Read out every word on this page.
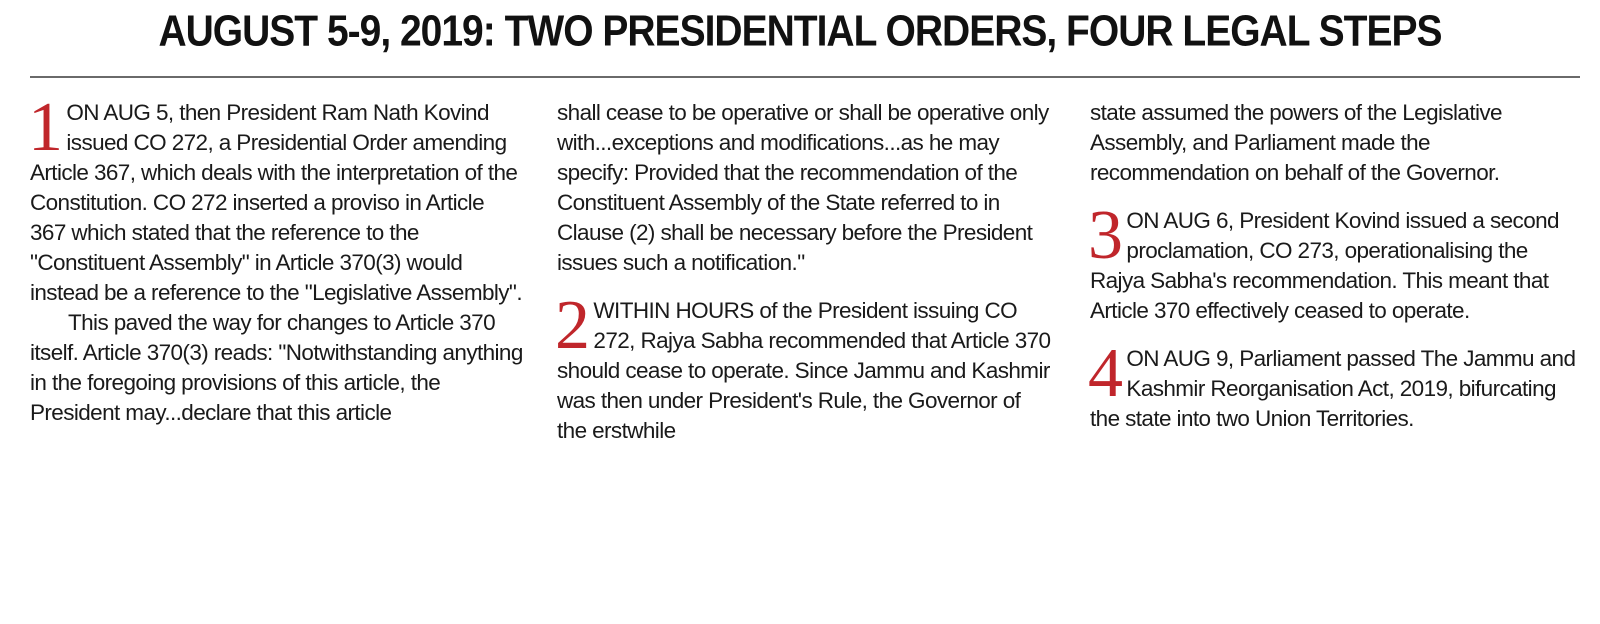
AUGUST 5-9, 2019: TWO PRESIDENTIAL ORDERS, FOUR LEGAL STEPS

1 ON AUG 5, then President Ram Nath Kovind issued CO 272, a Presidential Order amending Article 367, which deals with the interpretation of the Constitution. CO 272 inserted a proviso in Article 367 which stated that the reference to the "Constituent Assembly" in Article 370(3) would instead be a reference to the "Legislative Assembly".

This paved the way for changes to Article 370 itself. Article 370(3) reads: "Notwithstanding anything in the foregoing provisions of this article, the President may...declare that this article

shall cease to be operative or shall be operative only with...exceptions and modifications...as he may specify: Provided that the recommendation of the Constituent Assembly of the State referred to in Clause (2) shall be necessary before the President issues such a notification."

2 WITHIN HOURS of the President issuing CO 272, Rajya Sabha recommended that Article 370 should cease to operate. Since Jammu and Kashmir was then under President's Rule, the Governor of the erstwhile

state assumed the powers of the Legislative Assembly, and Parliament made the recommendation on behalf of the Governor.

3 ON AUG 6, President Kovind issued a second proclamation, CO 273, operationalising the Rajya Sabha's recommendation. This meant that Article 370 effectively ceased to operate.

4 ON AUG 9, Parliament passed The Jammu and Kashmir Reorganisation Act, 2019, bifurcating the state into two Union Territories.
